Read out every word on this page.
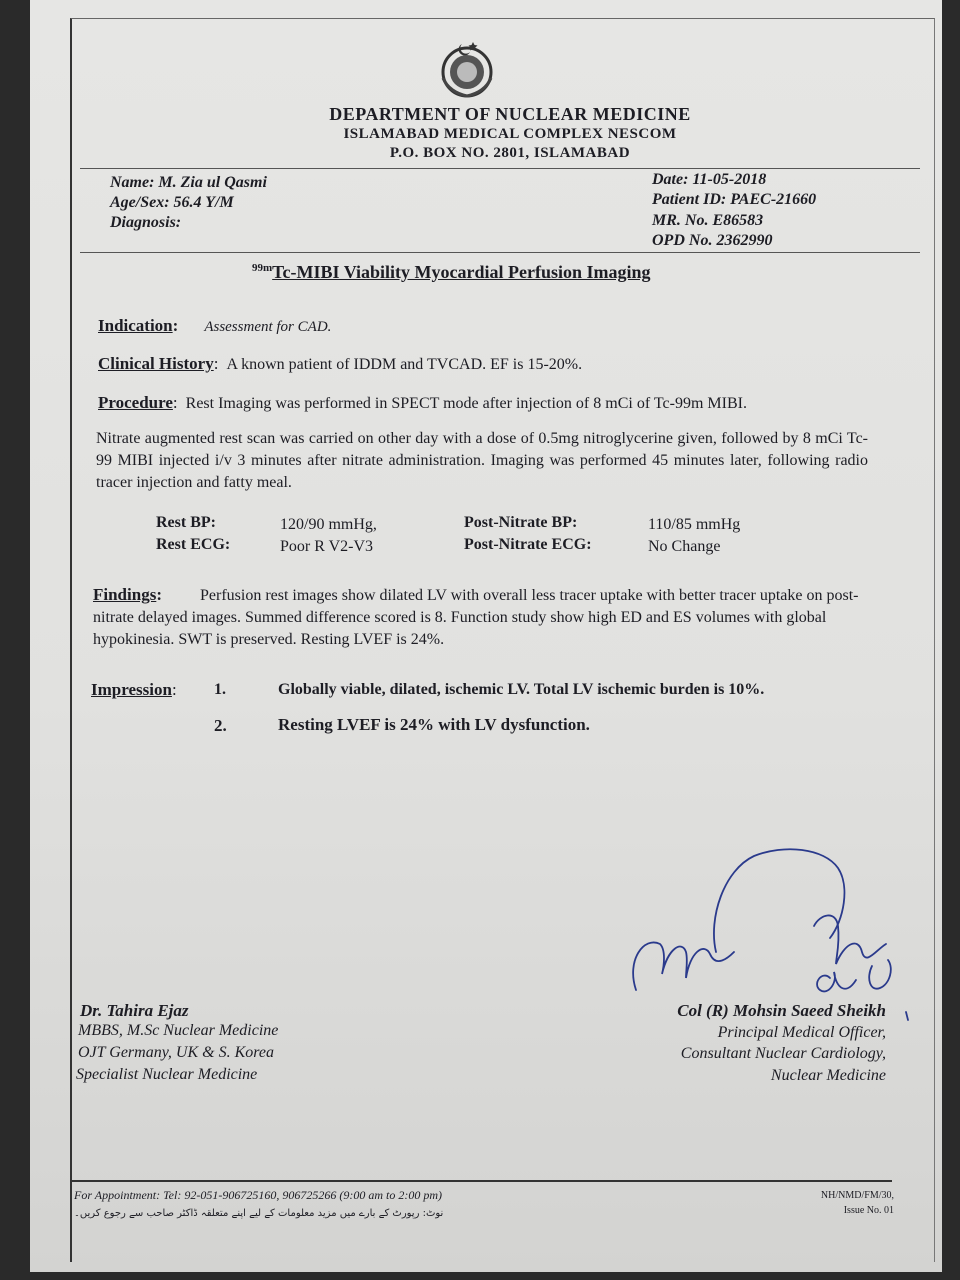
DEPARTMENT OF NUCLEAR MEDICINE
ISLAMABAD MEDICAL COMPLEX NESCOM
P.O. BOX NO. 2801, ISLAMABAD
Name: M. Zia ul Qasmi
Age/Sex: 56.4 Y/M
Diagnosis:
Date: 11-05-2018
Patient ID: PAEC-21660
MR. No. E86583
OPD No. 2362990
$^{99m}$Tc-MIBI Viability Myocardial Perfusion Imaging
Indication: Assessment for CAD.
Clinical History: A known patient of IDDM and TVCAD. EF is 15-20%.
Procedure: Rest Imaging was performed in SPECT mode after injection of 8 mCi of Tc-99m MIBI.
Nitrate augmented rest scan was carried on other day with a dose of 0.5mg nitroglycerine given, followed by 8 mCi Tc-99 MIBI injected i/v 3 minutes after nitrate administration. Imaging was performed 45 minutes later, following radio tracer injection and fatty meal.
Rest BP:	120/90 mmHg,	Post-Nitrate BP:	110/85 mmHg
Rest ECG:	Poor R V2-V3	Post-Nitrate ECG:	No Change
Findings: Perfusion rest images show dilated LV with overall less tracer uptake with better tracer uptake on post-nitrate delayed images. Summed difference scored is 8. Function study show high ED and ES volumes with global hypokinesia. SWT is preserved. Resting LVEF is 24%.
Impression: 1.	Globally viable, dilated, ischemic LV. Total LV ischemic burden is 10%.
2.	Resting LVEF is 24% with LV dysfunction.
Dr. Tahira Ejaz
MBBS, M.Sc Nuclear Medicine
OJT Germany, UK & S. Korea
Specialist Nuclear Medicine
Col (R) Mohsin Saeed Sheikh
Principal Medical Officer,
Consultant Nuclear Cardiology,
Nuclear Medicine
For Appointment: Tel: 92-051-906725160, 906725266 (9:00 am to 2:00 pm)
نوٹ: رپورٹ کے بارے میں مزید معلومات کے لیے اپنے متعلقہ ڈاکٹر صاحب سے رجوع کریں۔
NH/NMD/FM/30,
Issue No. 01
